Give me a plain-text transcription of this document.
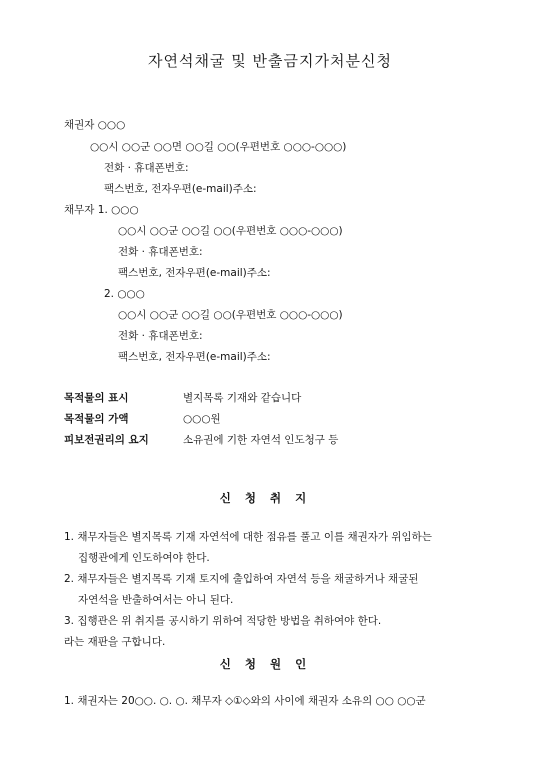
자연석채굴 및 반출금지가처분신청
채권자 ○○○
○○시 ○○군 ○○면 ○○길 ○○(우편번호 ○○○-○○○)
전화 · 휴대폰번호:
팩스번호, 전자우편(e-mail)주소:
채무자 1. ○○○
○○시 ○○군 ○○길 ○○(우편번호 ○○○-○○○)
전화 · 휴대폰번호:
팩스번호, 전자우편(e-mail)주소:
2. ○○○
○○시 ○○군 ○○길 ○○(우편번호 ○○○-○○○)
전화 · 휴대폰번호:
팩스번호, 전자우편(e-mail)주소:
목적물의 표시	별지목록 기재와 같습니다
목적물의 가액	○○○원
피보전권리의 요지	소유권에 기한 자연석 인도청구 등
신청취지
1. 채무자들은 별지목록 기재 자연석에 대한 점유를 풀고 이를 채권자가 위임하는
집행관에게 인도하여야 한다.
2. 채무자들은 별지목록 기재 토지에 출입하여 자연석 등을 채굴하거나 채굴된
자연석을 반출하여서는 아니 된다.
3. 집행관은 위 취지를 공시하기 위하여 적당한 방법을 취하여야 한다.
라는 재판을 구합니다.
신청원인
1. 채권자는 20○○. ○. ○. 채무자 ◇①◇와의 사이에 채권자 소유의 ○○ ○○군
